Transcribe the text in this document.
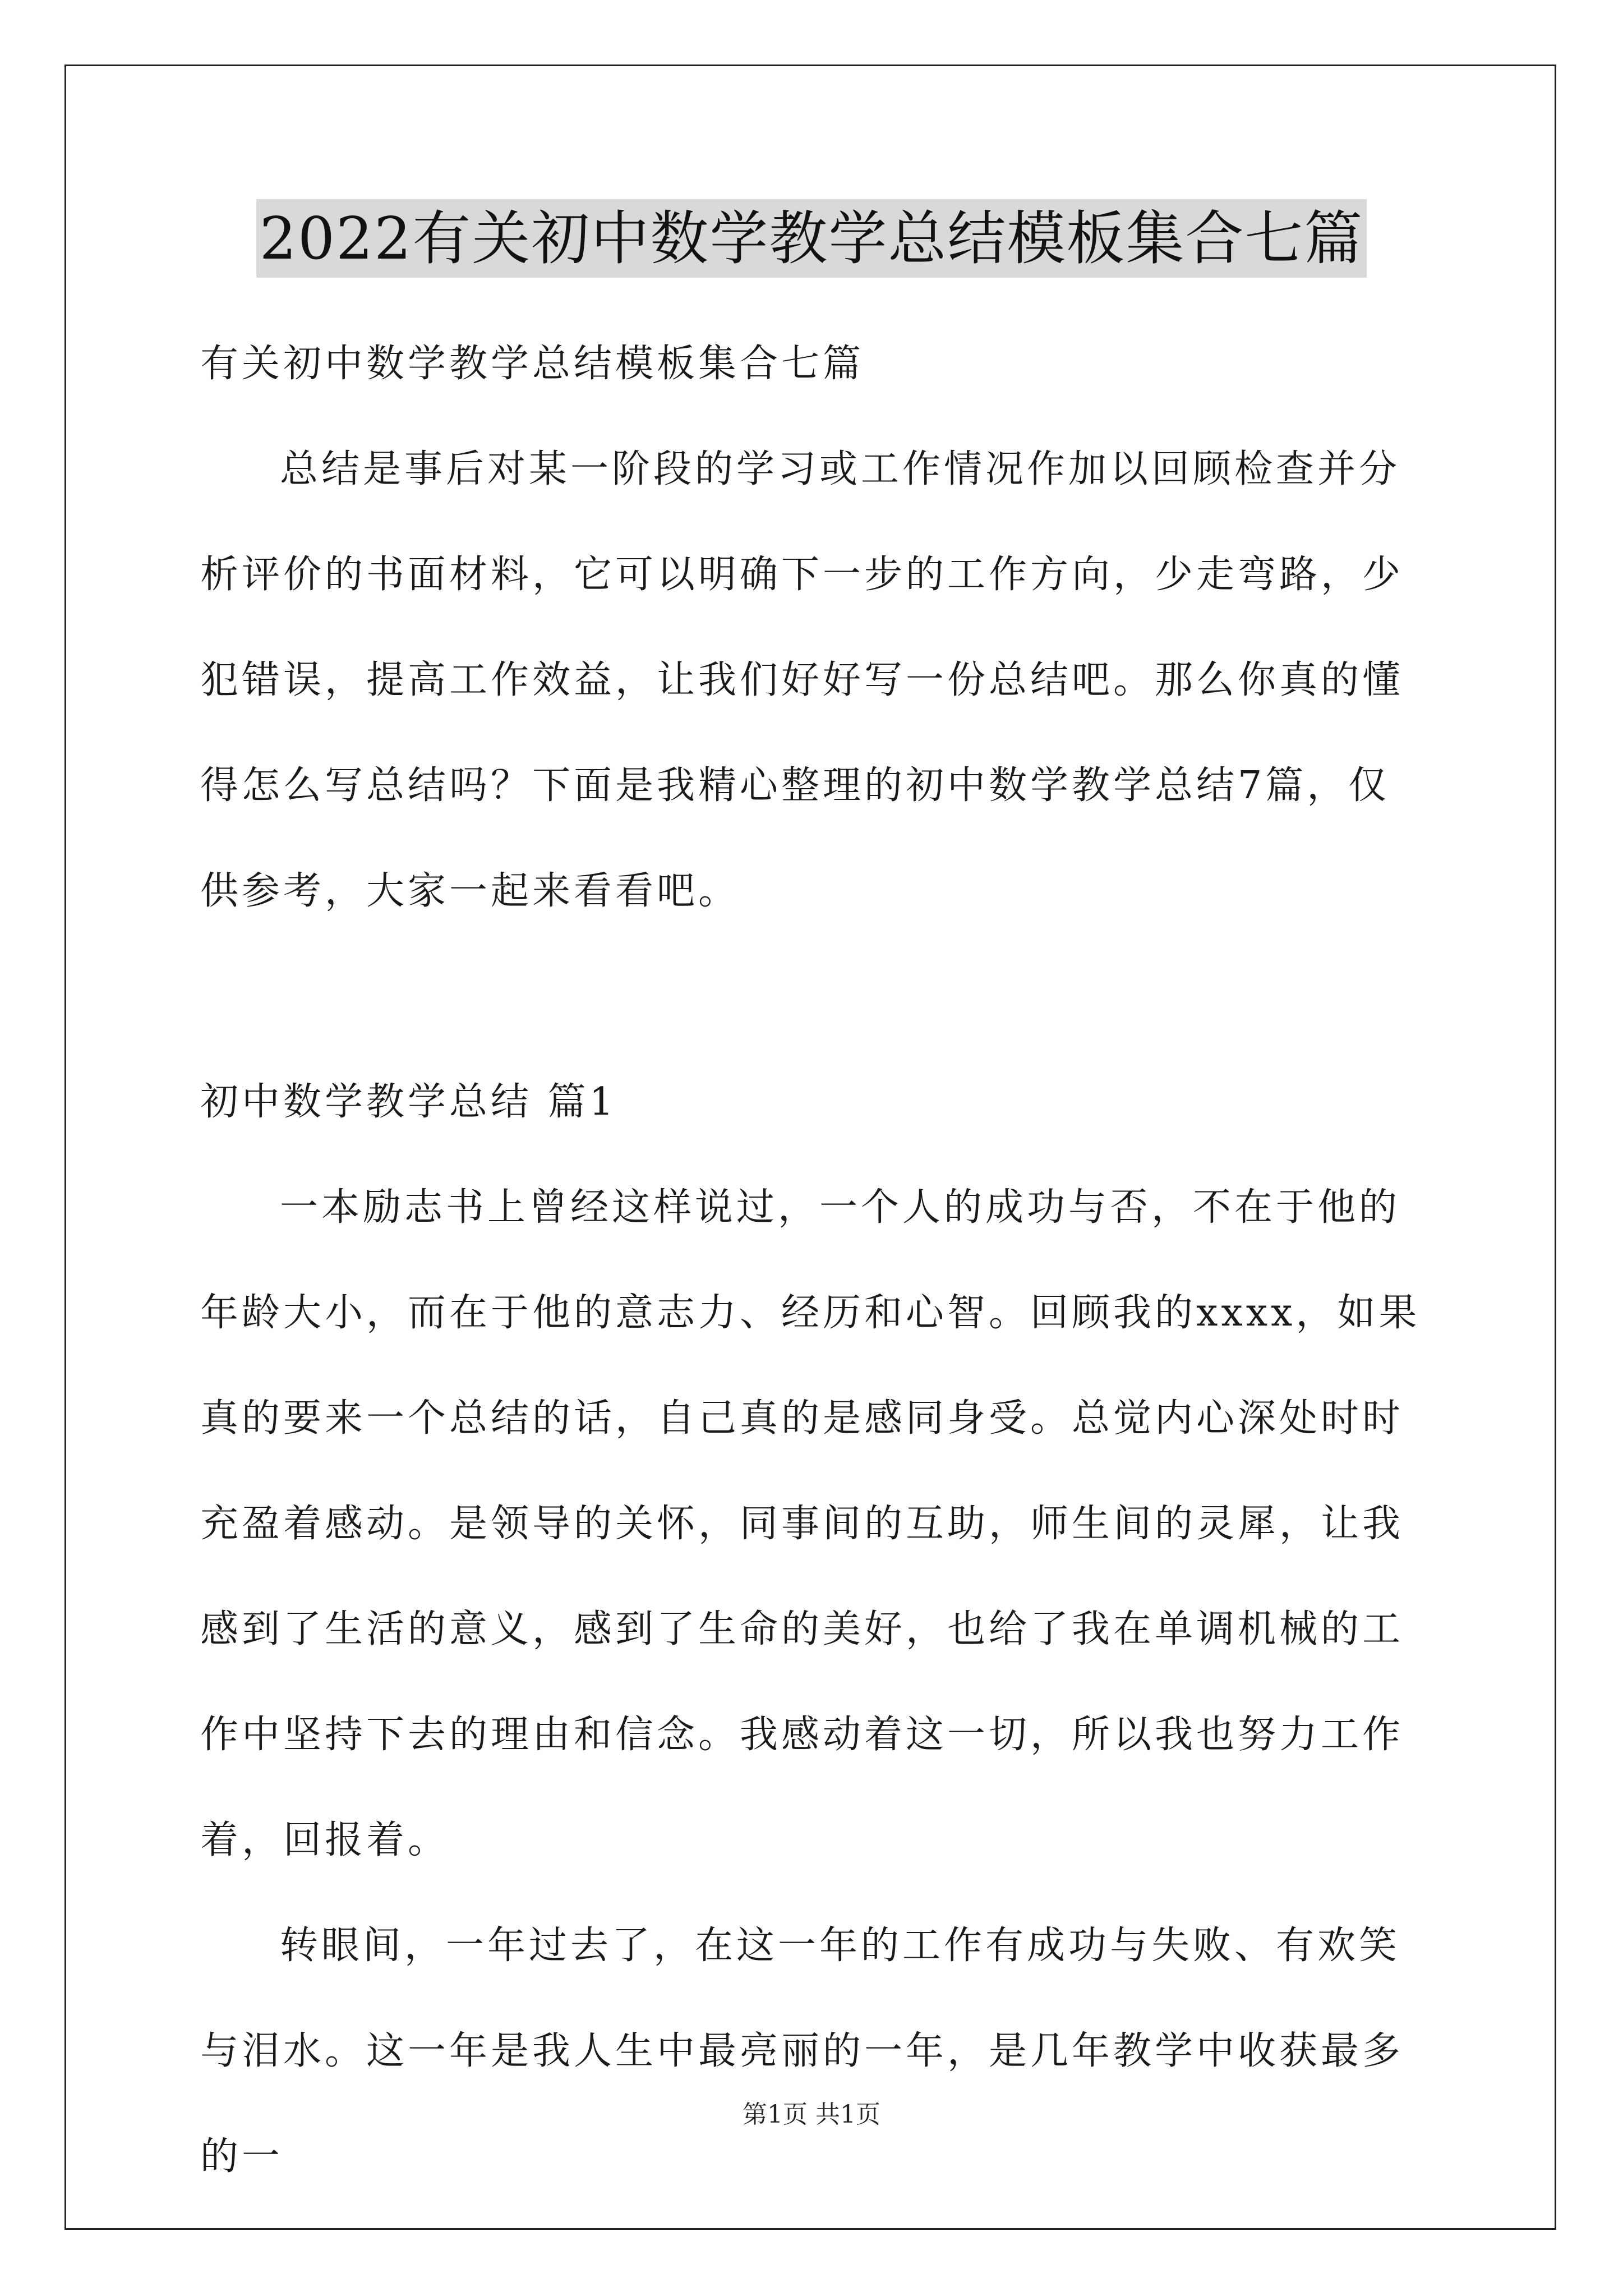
2022有关初中数学教学总结模板集合七篇

有关初中数学教学总结模板集合七篇

总结是事后对某一阶段的学习或工作情况作加以回顾检查并分析评价的书面材料，它可以明确下一步的工作方向，少走弯路，少犯错误，提高工作效益，让我们好好写一份总结吧。那么你真的懂得怎么写总结吗？下面是我精心整理的初中数学教学总结7篇，仅供参考，大家一起来看看吧。

初中数学教学总结 篇1

一本励志书上曾经这样说过，一个人的成功与否，不在于他的年龄大小，而在于他的意志力、经历和心智。回顾我的xxxx，如果真的要来一个总结的话，自己真的是感同身受。总觉内心深处时时充盈着感动。是领导的关怀，同事间的互助，师生间的灵犀，让我感到了生活的意义，感到了生命的美好，也给了我在单调机械的工作中坚持下去的理由和信念。我感动着这一切，所以我也努力工作着，回报着。

转眼间，一年过去了，在这一年的工作有成功与失败、有欢笑与泪水。这一年是我人生中最亮丽的一年，是几年教学中收获最多的一

第1页 共1页
